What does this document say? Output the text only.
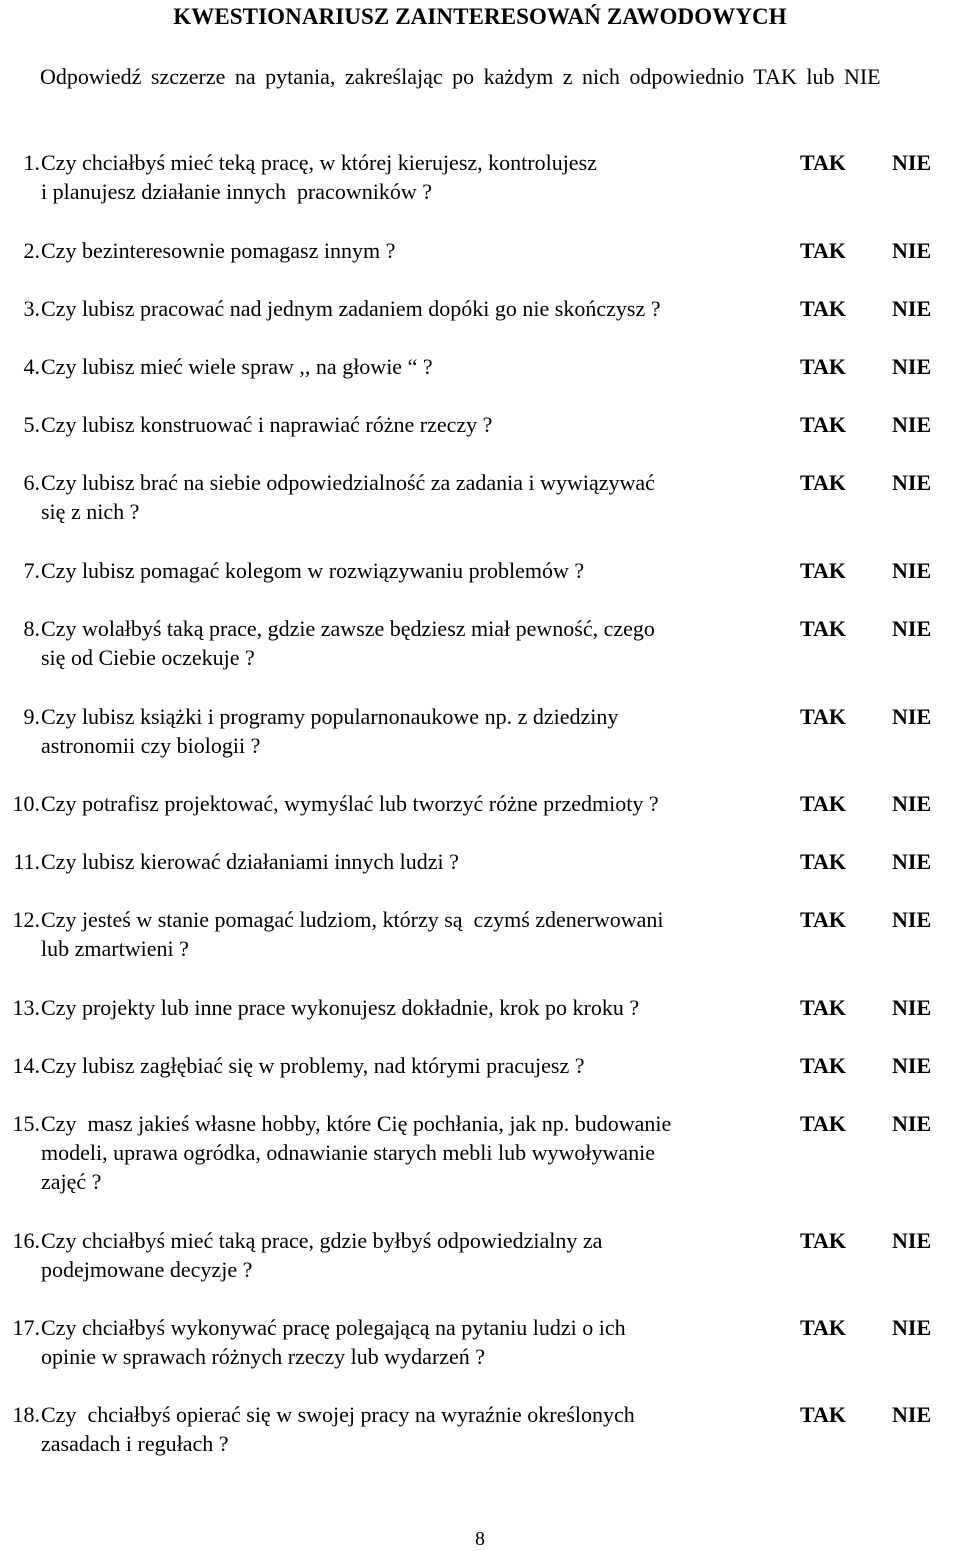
KWESTIONARIUSZ ZAINTERESOWAŃ ZAWODOWYCH
Odpowiedź szczerze na pytania, zakreślając po każdym z nich odpowiednio TAK lub NIE
1. Czy chciałbyś mieć teką pracę, w której kierujesz, kontrolujesz
i planujesz działanie innych  pracowników ?
TAK NIE
2. Czy bezinteresownie pomagasz innym ?	TAK NIE
3. Czy lubisz pracować nad jednym zadaniem dopóki go nie skończysz ?	TAK NIE
4. Czy lubisz mieć wiele spraw ,, na głowie “ ?	TAK NIE
5. Czy lubisz konstruować i naprawiać różne rzeczy ?	TAK NIE
6. Czy lubisz brać na siebie odpowiedzialność za zadania i wywiązywać
się z nich ?
TAK NIE
7. Czy lubisz pomagać kolegom w rozwiązywaniu problemów ?	TAK NIE
8. Czy wolałbyś taką prace, gdzie zawsze będziesz miał pewność, czego
się od Ciebie oczekuje ?
TAK NIE
9. Czy lubisz książki i programy popularnonaukowe np. z dziedziny
astronomii czy biologii ?
TAK NIE
10. Czy potrafisz projektować, wymyślać lub tworzyć różne przedmioty ?	TAK NIE
11. Czy lubisz kierować działaniami innych ludzi ?	TAK NIE
12. Czy jesteś w stanie pomagać ludziom, którzy są  czymś zdenerwowani
lub zmartwieni ?
TAK NIE
13. Czy projekty lub inne prace wykonujesz dokładnie, krok po kroku ?	TAK NIE
14. Czy lubisz zagłębiać się w problemy, nad którymi pracujesz ?	TAK NIE
15. Czy  masz jakieś własne hobby, które Cię pochłania, jak np. budowanie
modeli, uprawa ogródka, odnawianie starych mebli lub wywoływanie
zajęć ?
TAK NIE
16. Czy chciałbyś mieć taką prace, gdzie byłbyś odpowiedzialny za
podejmowane decyzje ?
TAK NIE
17. Czy chciałbyś wykonywać pracę polegającą na pytaniu ludzi o ich
opinie w sprawach różnych rzeczy lub wydarzeń ?
TAK NIE
18. Czy  chciałbyś opierać się w swojej pracy na wyraźnie określonych
zasadach i regułach ?
TAK NIE
8
